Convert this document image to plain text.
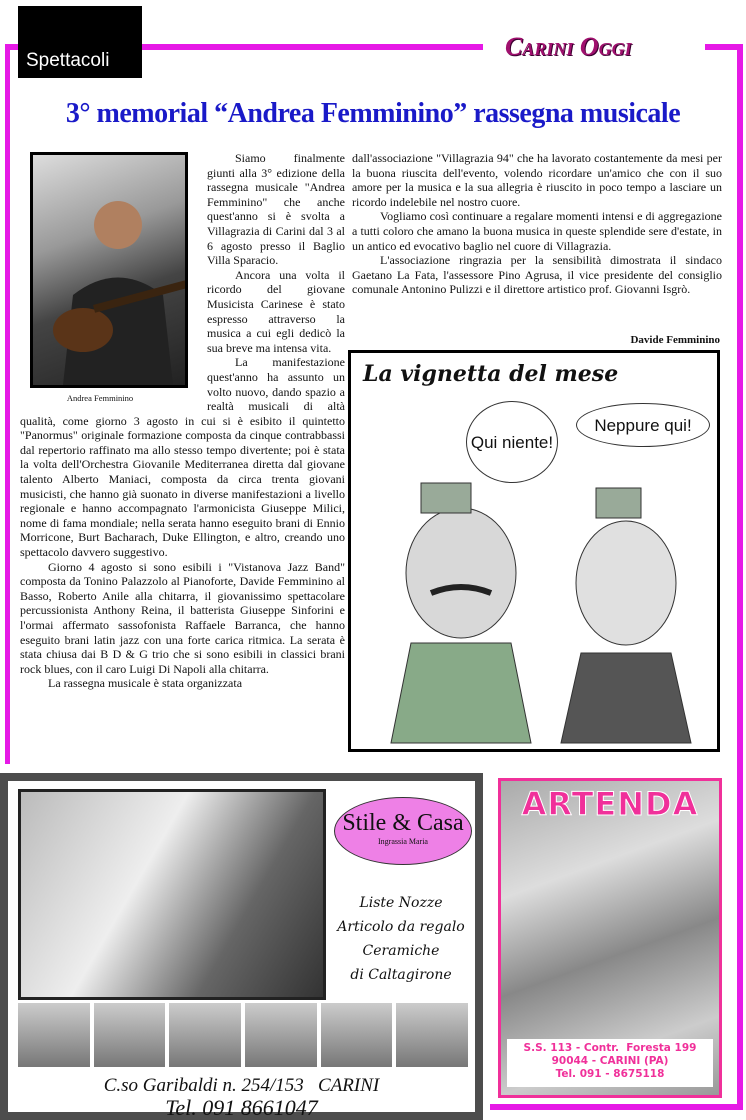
Spettacoli	Carini Oggi
3° memorial “Andrea Femminino” rassegna musicale
Andrea Femminino

Siamo finalmente giunti alla 3° edizione della rassegna musicale "Andrea Femminino" che anche quest'anno si è svolta a Villagrazia di Carini dal 3 al 6 agosto presso il Baglio Villa Sparacio.

Ancora una volta il ricordo del giovane Musicista Carinese è stato espresso attraverso la musica a cui egli dedicò la sua breve ma intensa vita.

La manifestazione quest'anno ha assunto un volto nuovo, dando spazio a realtà musicali di altà qualità, come giorno 3 agosto in cui si è esibito il quintetto "Panormus" originale formazione composta da cinque contrabbassi dal repertorio raffinato ma allo stesso tempo divertente; poi è stata la volta dell'Orchestra Giovanile Mediterranea diretta dal giovane talento Alberto Maniaci, composta da circa trenta giovani musicisti, che hanno già suonato in diverse manifestazioni a livello regionale e hanno accompagnato l'armonicista Giuseppe Milici, nome di fama mondiale; nella serata hanno eseguito brani di Ennio Morricone, Burt Bacharach, Duke Ellington, e altro, creando uno spettacolo davvero suggestivo.

Giorno 4 agosto si sono esibili i "Vistanova Jazz Band" composta da Tonino Palazzolo al Pianoforte, Davide Femminino al Basso, Roberto Anile alla chitarra, il giovanissimo spettacolare percussionista Anthony Reina, il batterista Giuseppe Sinforini e l'ormai affermato sassofonista Raffaele Barranca, che hanno eseguito brani latin jazz con una forte carica ritmica. La serata è stata chiusa dai B D & G trio che si sono esibili in classici brani rock blues, con il caro Luigi Di Napoli alla chitarra.

La rassegna musicale è stata organizzata

dall'associazione "Villagrazia 94" che ha lavorato costantemente da mesi per la buona riuscita dell'evento, volendo ricordare un'amico che con il suo amore per la musica e la sua allegria è riuscito in poco tempo a lasciare un ricordo indelebile nel nostro cuore.

Vogliamo così continuare a regalare momenti intensi e di aggregazione a tutti coloro che amano la buona musica in queste splendide sere d'estate, in un antico ed evocativo baglio nel cuore di Villagrazia.

L'associazione ringrazia per la sensibilità dimostrata il sindaco Gaetano La Fata, l'assessore Pino Agrusa, il vice presidente del consiglio comunale Antonino Pulizzi e il direttore artistico prof. Giovanni Isgrò.

Davide Femminino
La vignetta del mese
Qui niente!
Neppure qui!
Stile & Casa
Ingrassia Maria
Liste Nozze
Articolo da regalo
Ceramiche
di Caltagirone
C.so Garibaldi n. 254/153   CARINI
Tel. 091 8661047
ARTENDA
S.S. 113 - Contr.  Foresta 199
90044 - CARINI (PA)
Tel. 091 - 8675118
